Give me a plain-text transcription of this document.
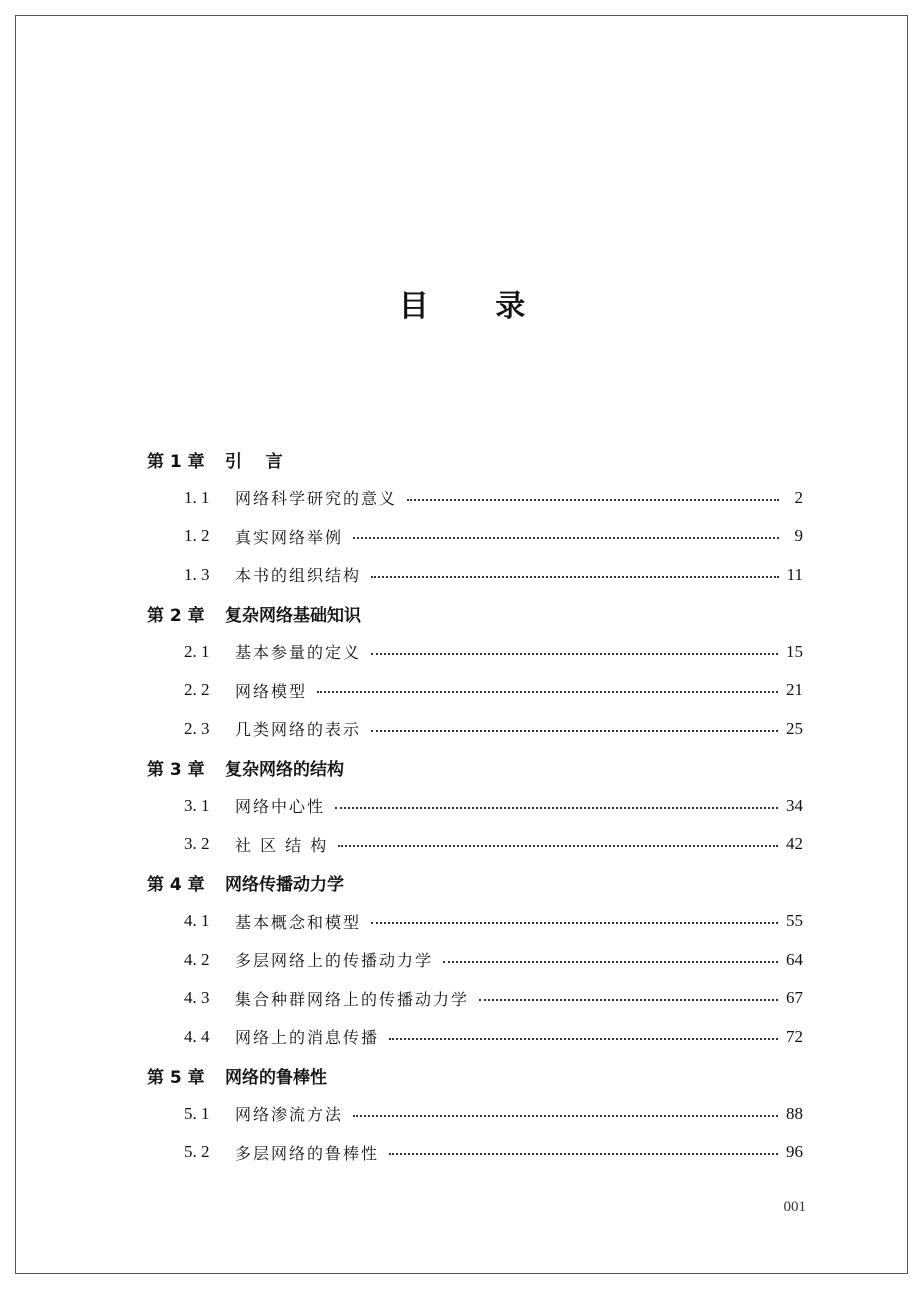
目 录
第 1 章	引    言
1. 1	网络科学研究的意义	2
1. 2	真实网络举例	9
1. 3	本书的组织结构	11
第 2 章	复杂网络基础知识
2. 1	基本参量的定义	15
2. 2	网络模型	21
2. 3	几类网络的表示	25
第 3 章	复杂网络的结构
3. 1	网络中心性	34
3. 2	社 区 结 构	42
第 4 章	网络传播动力学
4. 1	基本概念和模型	55
4. 2	多层网络上的传播动力学	64
4. 3	集合种群网络上的传播动力学	67
4. 4	网络上的消息传播	72
第 5 章	网络的鲁棒性
5. 1	网络渗流方法	88
5. 2	多层网络的鲁棒性	96
001
